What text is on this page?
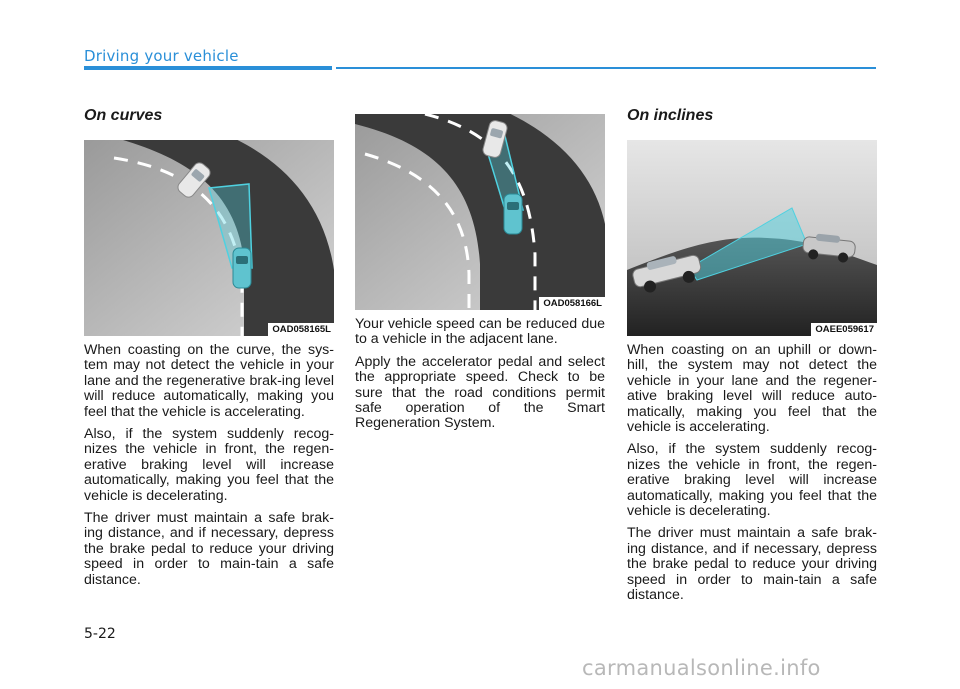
Driving your vehicle
On curves
OAD058165L

When coasting on the curve, the sys-tem may not detect the vehicle in your lane and the regenerative brak-ing level will reduce automatically, making you feel that the vehicle is accelerating.

Also, if the system suddenly recog-nizes the vehicle in front, the regen-erative braking level will increase automatically, making you feel that the vehicle is decelerating.

The driver must maintain a safe brak-ing distance, and if necessary, depress the brake pedal to reduce your driving speed in order to main-tain a safe distance.

OAD058166L

Your vehicle speed can be reduced due to a vehicle in the adjacent lane.

Apply the accelerator pedal and select the appropriate speed. Check to be sure that the road conditions permit safe operation of the Smart Regeneration System.

On inclines
OAEE059617

When coasting on an uphill or down-hill, the system may not detect the vehicle in your lane and the regener-ative braking level will reduce auto-matically, making you feel that the vehicle is accelerating.

Also, if the system suddenly recog-nizes the vehicle in front, the regen-erative braking level will increase automatically, making you feel that the vehicle is decelerating.

The driver must maintain a safe brak-ing distance, and if necessary, depress the brake pedal to reduce your driving speed in order to main-tain a safe distance.

5-22
carmanualsonline.info
